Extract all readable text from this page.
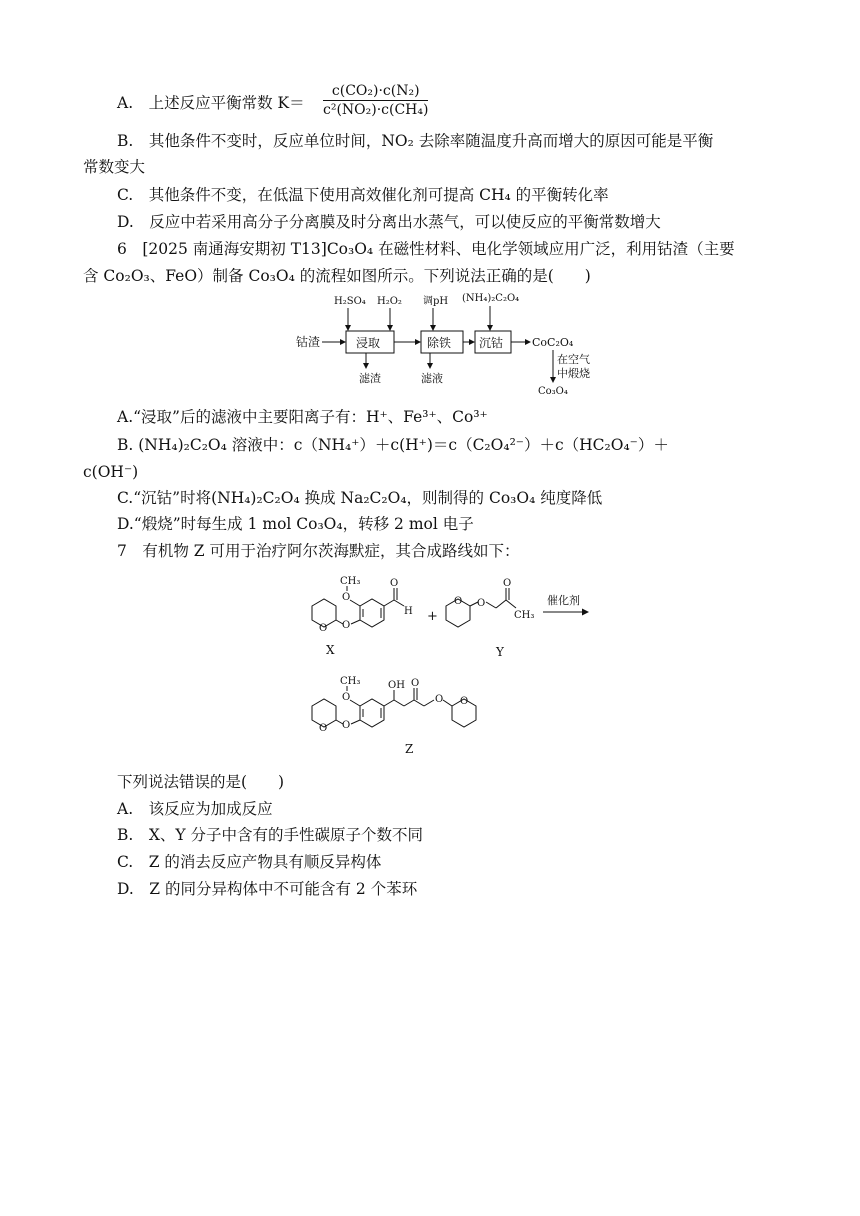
A.　上述反应平衡常数 $K= \frac{\text{c(CO₂)·c(N₂)}}{\text{c²(NO₂)·c(CH₄)}}$
B.　其他条件不变时，反应单位时间，NO₂ 去除率随温度升高而增大的原因可能是平衡
常数变大
C.　其他条件不变，在低温下使用高效催化剂可提高 CH₄ 的平衡转化率
D.　反应中若采用高分子分离膜及时分离出水蒸气，可以使反应的平衡常数增大
6　[2025 南通海安期初 T13]Co₃O₄ 在磁性材料、电化学领域应用广泛，利用钴渣（主要
含 Co₂O₃、FeO）制备 Co₃O₄ 的流程如图所示。下列说法正确的是(　　)
钴渣	浸取	除铁 沉钴	CoC₂O₄
H₂SO₄ H₂O₂ 调pH (NH₄)₂C₂O₄
滤渣	滤液
在空气
中煅烧
Co₃O₄
A.“浸取”后的滤液中主要阳离子有：H⁺、Fe³⁺、Co³⁺
B. (NH₄)₂C₂O₄ 溶液中：c（NH₄⁺）＋c(H⁺)＝c（C₂O₄²⁻）＋c（HC₂O₄⁻）＋
c(OH⁻)
C.“沉钴”时将(NH₄)₂C₂O₄ 换成 Na₂C₂O₄，则制得的 Co₃O₄ 纯度降低
D.“煅烧”时每生成 1 mol Co₃O₄，转移 2 mol 电子
7　有机物 Z 可用于治疗阿尔茨海默症，其合成路线如下：
O O
O
CH₃	O
H
X
+
O O
O
CH₃
Y
催化剂
O O
O
CH₃	OH O
O O
Z
下列说法错误的是(　　)
A.　该反应为加成反应
B.　X、Y 分子中含有的手性碳原子个数不同
C.　Z 的消去反应产物具有顺反异构体
D.　Z 的同分异构体中不可能含有 2 个苯环
